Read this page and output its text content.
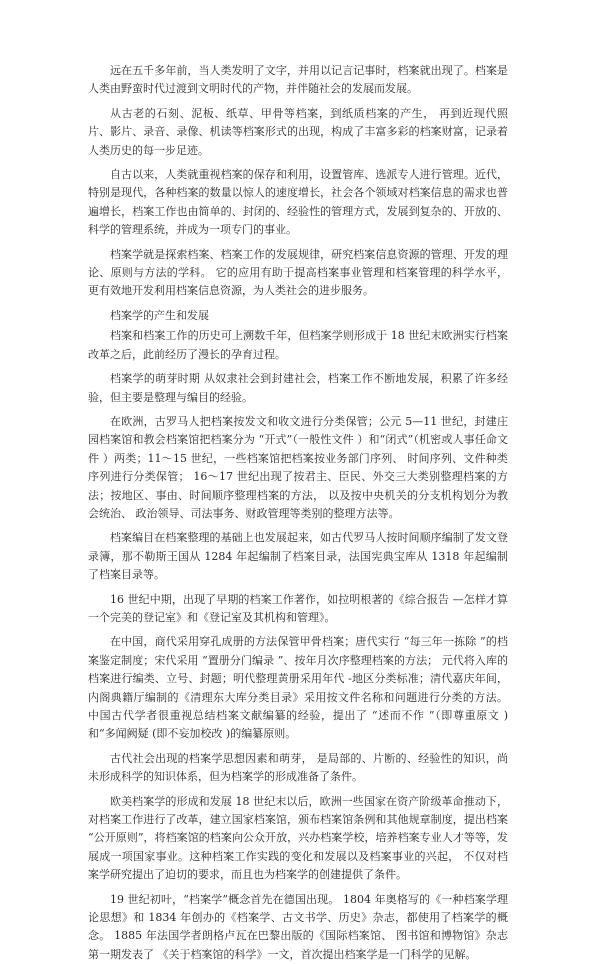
远在五千多年前，当人类发明了文字，并用以记言记事时，档案就出现了。档案是人类由野蛮时代过渡到文明时代的产物，并伴随社会的发展而发展。

从古老的石刻、泥板、纸草、甲骨等档案，到纸质档案的产生， 再到近现代照片、影片、录音、录像、机读等档案形式的出现，构成了丰富多彩的档案财富，记录着人类历史的每一步足迹。

自古以来，人类就重视档案的保存和利用，设置管库、选派专人进行管理。近代，特别是现代，各种档案的数量以惊人的速度增长，社会各个领域对档案信息的需求也普遍增长，档案工作也由简单的、封闭的、经验性的管理方式，发展到复杂的、开放的、科学的管理系统，并成为一项专门的事业。

档案学就是探索档案、档案工作的发展规律，研究档案信息资源的管理、开发的理论、原则与方法的学科。 它的应用有助于提高档案事业管理和档案管理的科学水平， 更有效地开发利用档案信息资源，为人类社会的进步服务。

档案学的产生和发展

档案和档案工作的历史可上溯数千年，但档案学则形成于 18 世纪末欧洲实行档案改革之后，此前经历了漫长的孕育过程。

档案学的萌芽时期 从奴隶社会到封建社会，档案工作不断地发展，积累了许多经验，但主要是整理与编目的经验。

在欧洲，古罗马人把档案按发文和收文进行分类保管；公元 5—11 世纪，封建庄园档案馆和教会档案馆把档案分为 “开式”（一般性文件 ）和“闭式”（机密或人事任命文件 ）两类；11～15 世纪，一些档案馆把档案按业务部门序列、 时间序列、文件种类序列进行分类保管； 16～17 世纪出现了按君主、臣民、外交三大类别整理档案的方法；按地区、事由、时间顺序整理档案的方法， 以及按中央机关的分支机构划分为教会统治、 政治领导、司法事务、财政管理等类别的整理方法等。

档案编目在档案整理的基础上也发展起来，如古代罗马人按时间顺序编制了发文登录簿，那不勒斯王国从 1284 年起编制了档案目录，法国宪典宝库从 1318 年起编制了档案目录等。

16 世纪中期，出现了早期的档案工作著作，如拉明根著的《综合报告 —怎样才算一个完美的登记室》和《登记室及其机构和管理》。

在中国，商代采用穿孔成册的方法保管甲骨档案；唐代实行 “每三年一拣除 ”的档案鉴定制度；宋代采用 “置册分门编录 ”、按年月次序整理档案的方法； 元代将入库的档案进行编类、立号、封题；明代整理黄册采用年代 -地区分类标准；清代嘉庆年间， 内阁典籍厅编制的《清理东大库分类目录》采用按文件名称和问题进行分类的方法。 中国古代学者很重视总结档案文献编纂的经验，提出了 “述而不作 ”（即尊重原文 )和“多闻阙疑 (即不妄加校改 )的编纂原则。

古代社会出现的档案学思想因素和萌芽， 是局部的、片断的、经验性的知识，尚未形成科学的知识体系，但为档案学的形成准备了条件。

欧美档案学的形成和发展 18 世纪末以后，欧洲一些国家在资产阶级革命推动下， 对档案工作进行了改革，建立国家档案馆，颁布档案馆条例和其他规章制度，提出档案 “公开原则”，将档案馆的档案向公众开放，兴办档案学校，培养档案专业人才等等，发展成一项国家事业。这种档案工作实践的变化和发展以及档案事业的兴起， 不仅对档案学研究提出了迫切的要求，而且也为档案学的创建提供了条件。

19 世纪初叶，“档案学”概念首先在德国出现。 1804 年奥格写的《一种档案学理论思想》和 1834 年创办的《档案学、古文书学、历史》杂志，都使用了档案学的概念。 1885 年法国学者朗格卢瓦在巴黎出版的《国际档案馆、 图书馆和博物馆》杂志第一期发表了 《关于档案馆的科学》一文，首次提出档案学是一门科学的见解。
